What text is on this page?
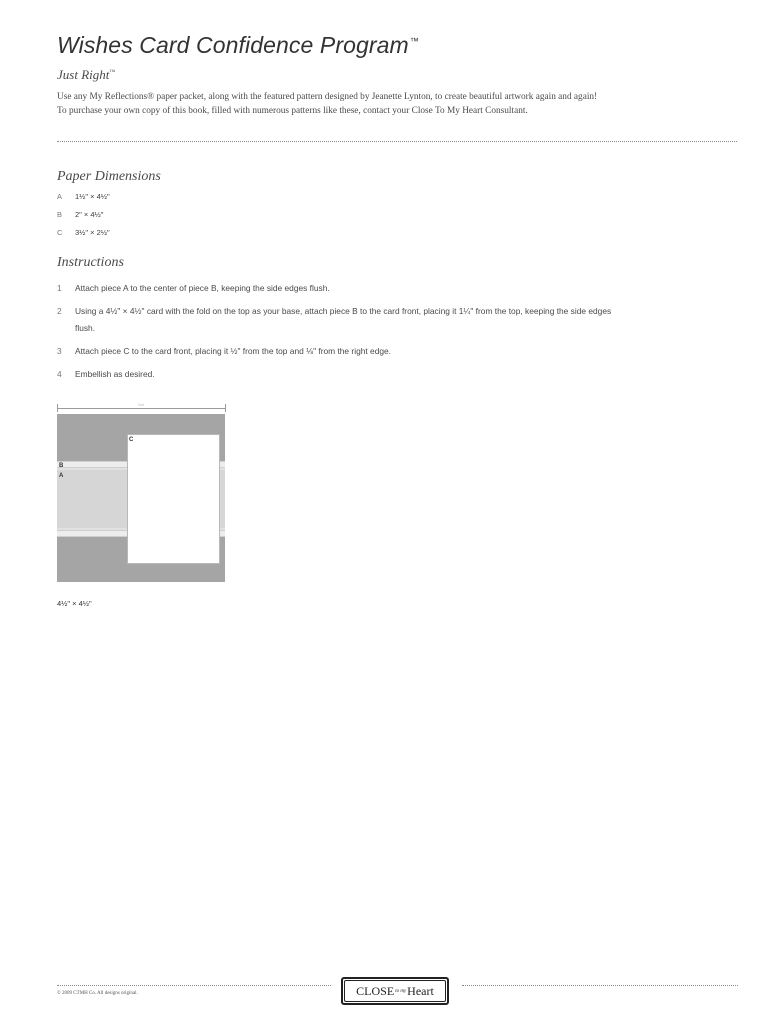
Wishes Card Confidence Program™
Just Right™
Use any My Reflections® paper packet, along with the featured pattern designed by Jeanette Lynton, to create beautiful artwork again and again!
To purchase your own copy of this book, filled with numerous patterns like these, contact your Close To My Heart Consultant.
Paper Dimensions
A 1½" × 4½"
B 2" × 4½"
C 3½" × 2½"
Instructions
1	Attach piece A to the center of piece B, keeping the side edges flush.
2	Using a 4½" × 4½" card with the fold on the top as your base, attach piece B to the card front, placing it 1¼" from the top, keeping the side edges flush.
3	Attach piece C to the card front, placing it ½" from the top and ⅛" from the right edge.
4	Embellish as desired.
fold
C
B
A
4½" × 4½"
© 2009 CTMH Co. All designs original.	CLOSE to my Heart
